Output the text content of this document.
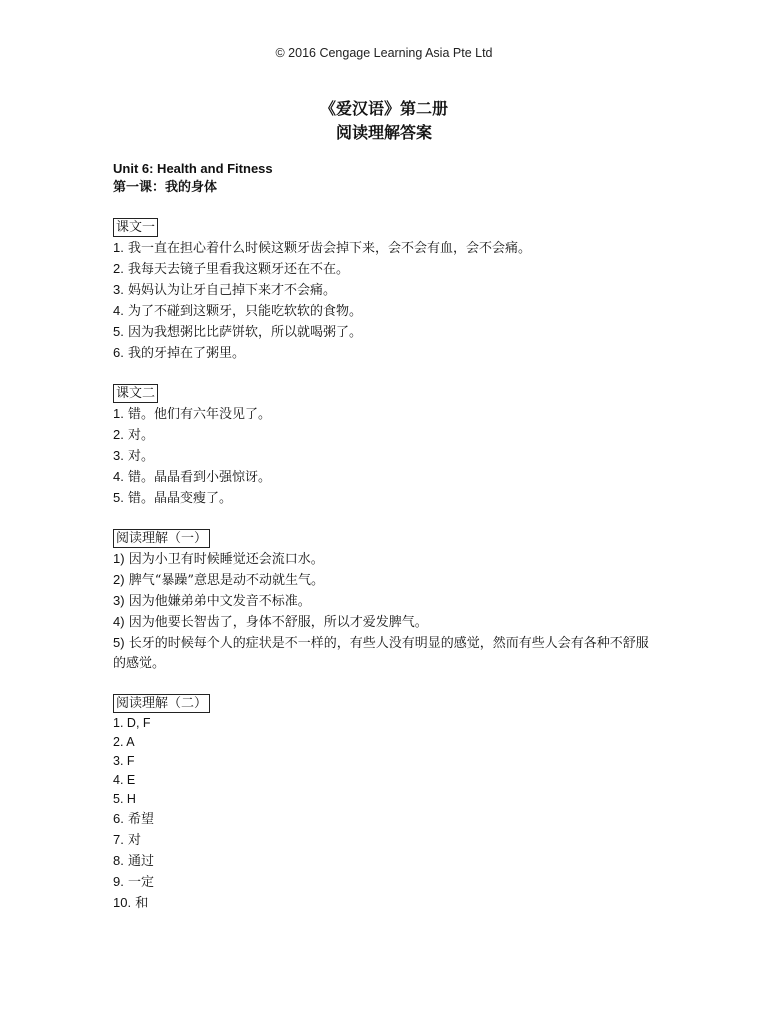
© 2016 Cengage Learning Asia Pte Ltd
《爱汉语》第二册
阅读理解答案
Unit 6: Health and Fitness
第一课：我的身体
课文一

1. 我一直在担心着什么时候这颗牙齿会掉下来，会不会有血，会不会痛。

2. 我每天去镜子里看我这颗牙还在不在。

3. 妈妈认为让牙自己掉下来才不会痛。

4. 为了不碰到这颗牙，只能吃软软的食物。

5. 因为我想粥比比萨饼软，所以就喝粥了。

6. 我的牙掉在了粥里。

课文二

1. 错。他们有六年没见了。

2. 对。

3. 对。

4. 错。晶晶看到小强惊讶。

5. 错。晶晶变瘦了。

阅读理解（一）

1) 因为小卫有时候睡觉还会流口水。

2) 脾气“暴躁”意思是动不动就生气。

3) 因为他嫌弟弟中文发音不标准。

4) 因为他要长智齿了，身体不舒服，所以才爱发脾气。

5) 长牙的时候每个人的症状是不一样的，有些人没有明显的感觉，然而有些人会有各种不舒服的感觉。

阅读理解（二）

1. D, F

2. A

3. F

4. E

5. H

6. 希望

7. 对

8. 通过

9. 一定

10. 和
